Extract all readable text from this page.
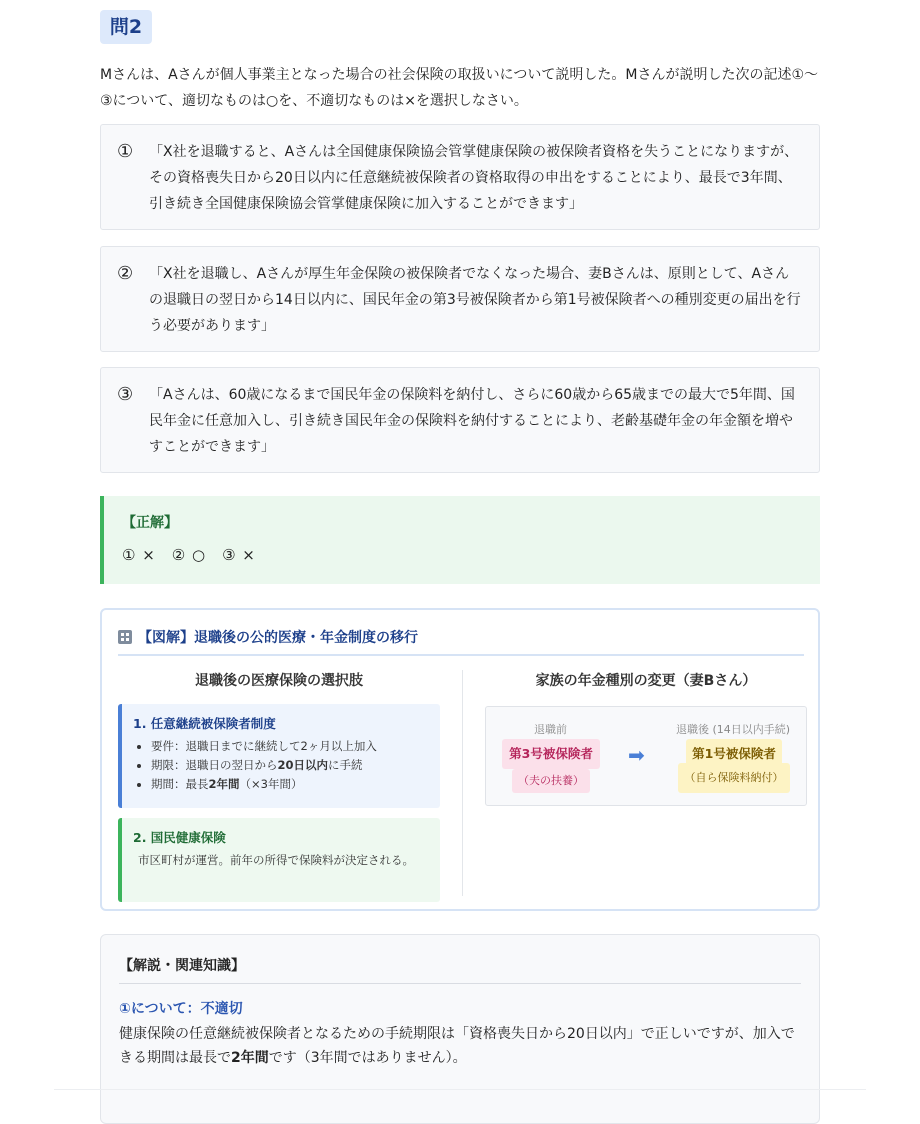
問2
Mさんは、Aさんが個人事業主となった場合の社会保険の取扱いについて説明した。Mさんが説明した次の記述①〜③について、適切なものは○を、不適切なものは×を選択しなさい。
① 「X社を退職すると、Aさんは全国健康保険協会管掌健康保険の被保険者資格を失うことになりますが、その資格喪失日から20日以内に任意継続被保険者の資格取得の申出をすることにより、最長で3年間、引き続き全国健康保険協会管掌健康保険に加入することができます」
② 「X社を退職し、Aさんが厚生年金保険の被保険者でなくなった場合、妻Bさんは、原則として、Aさんの退職日の翌日から14日以内に、国民年金の第3号被保険者から第1号被保険者への種別変更の届出を行う必要があります」
③ 「Aさんは、60歳になるまで国民年金の保険料を納付し、さらに60歳から65歳までの最大で5年間、国民年金に任意加入し、引き続き国民年金の保険料を納付することにより、老齢基礎年金の年金額を増やすことができます」
【正解】
① ×　② ○　③ ×
【図解】退職後の公的医療・年金制度の移行
退職後の医療保険の選択肢
1. 任意継続被保険者制度
• 要件：退職日までに継続して2ヶ月以上加入
• 期限：退職日の翌日から20日以内に手続
• 期間：最長2年間（×3年間）
2. 国民健康保険
市区町村が運営。前年の所得で保険料が決定される。
家族の年金種別の変更（妻Bさん）
退職前	退職後 (14日以内手続)
第3号被保険者
（夫の扶養）
➡	第1号被保険者
（自ら保険料納付）
【解説・関連知識】
①について：不適切
健康保険の任意継続被保険者となるための手続期限は「資格喪失日から20日以内」で正しいですが、加入できる期間は最長で2年間です（3年間ではありません）。
